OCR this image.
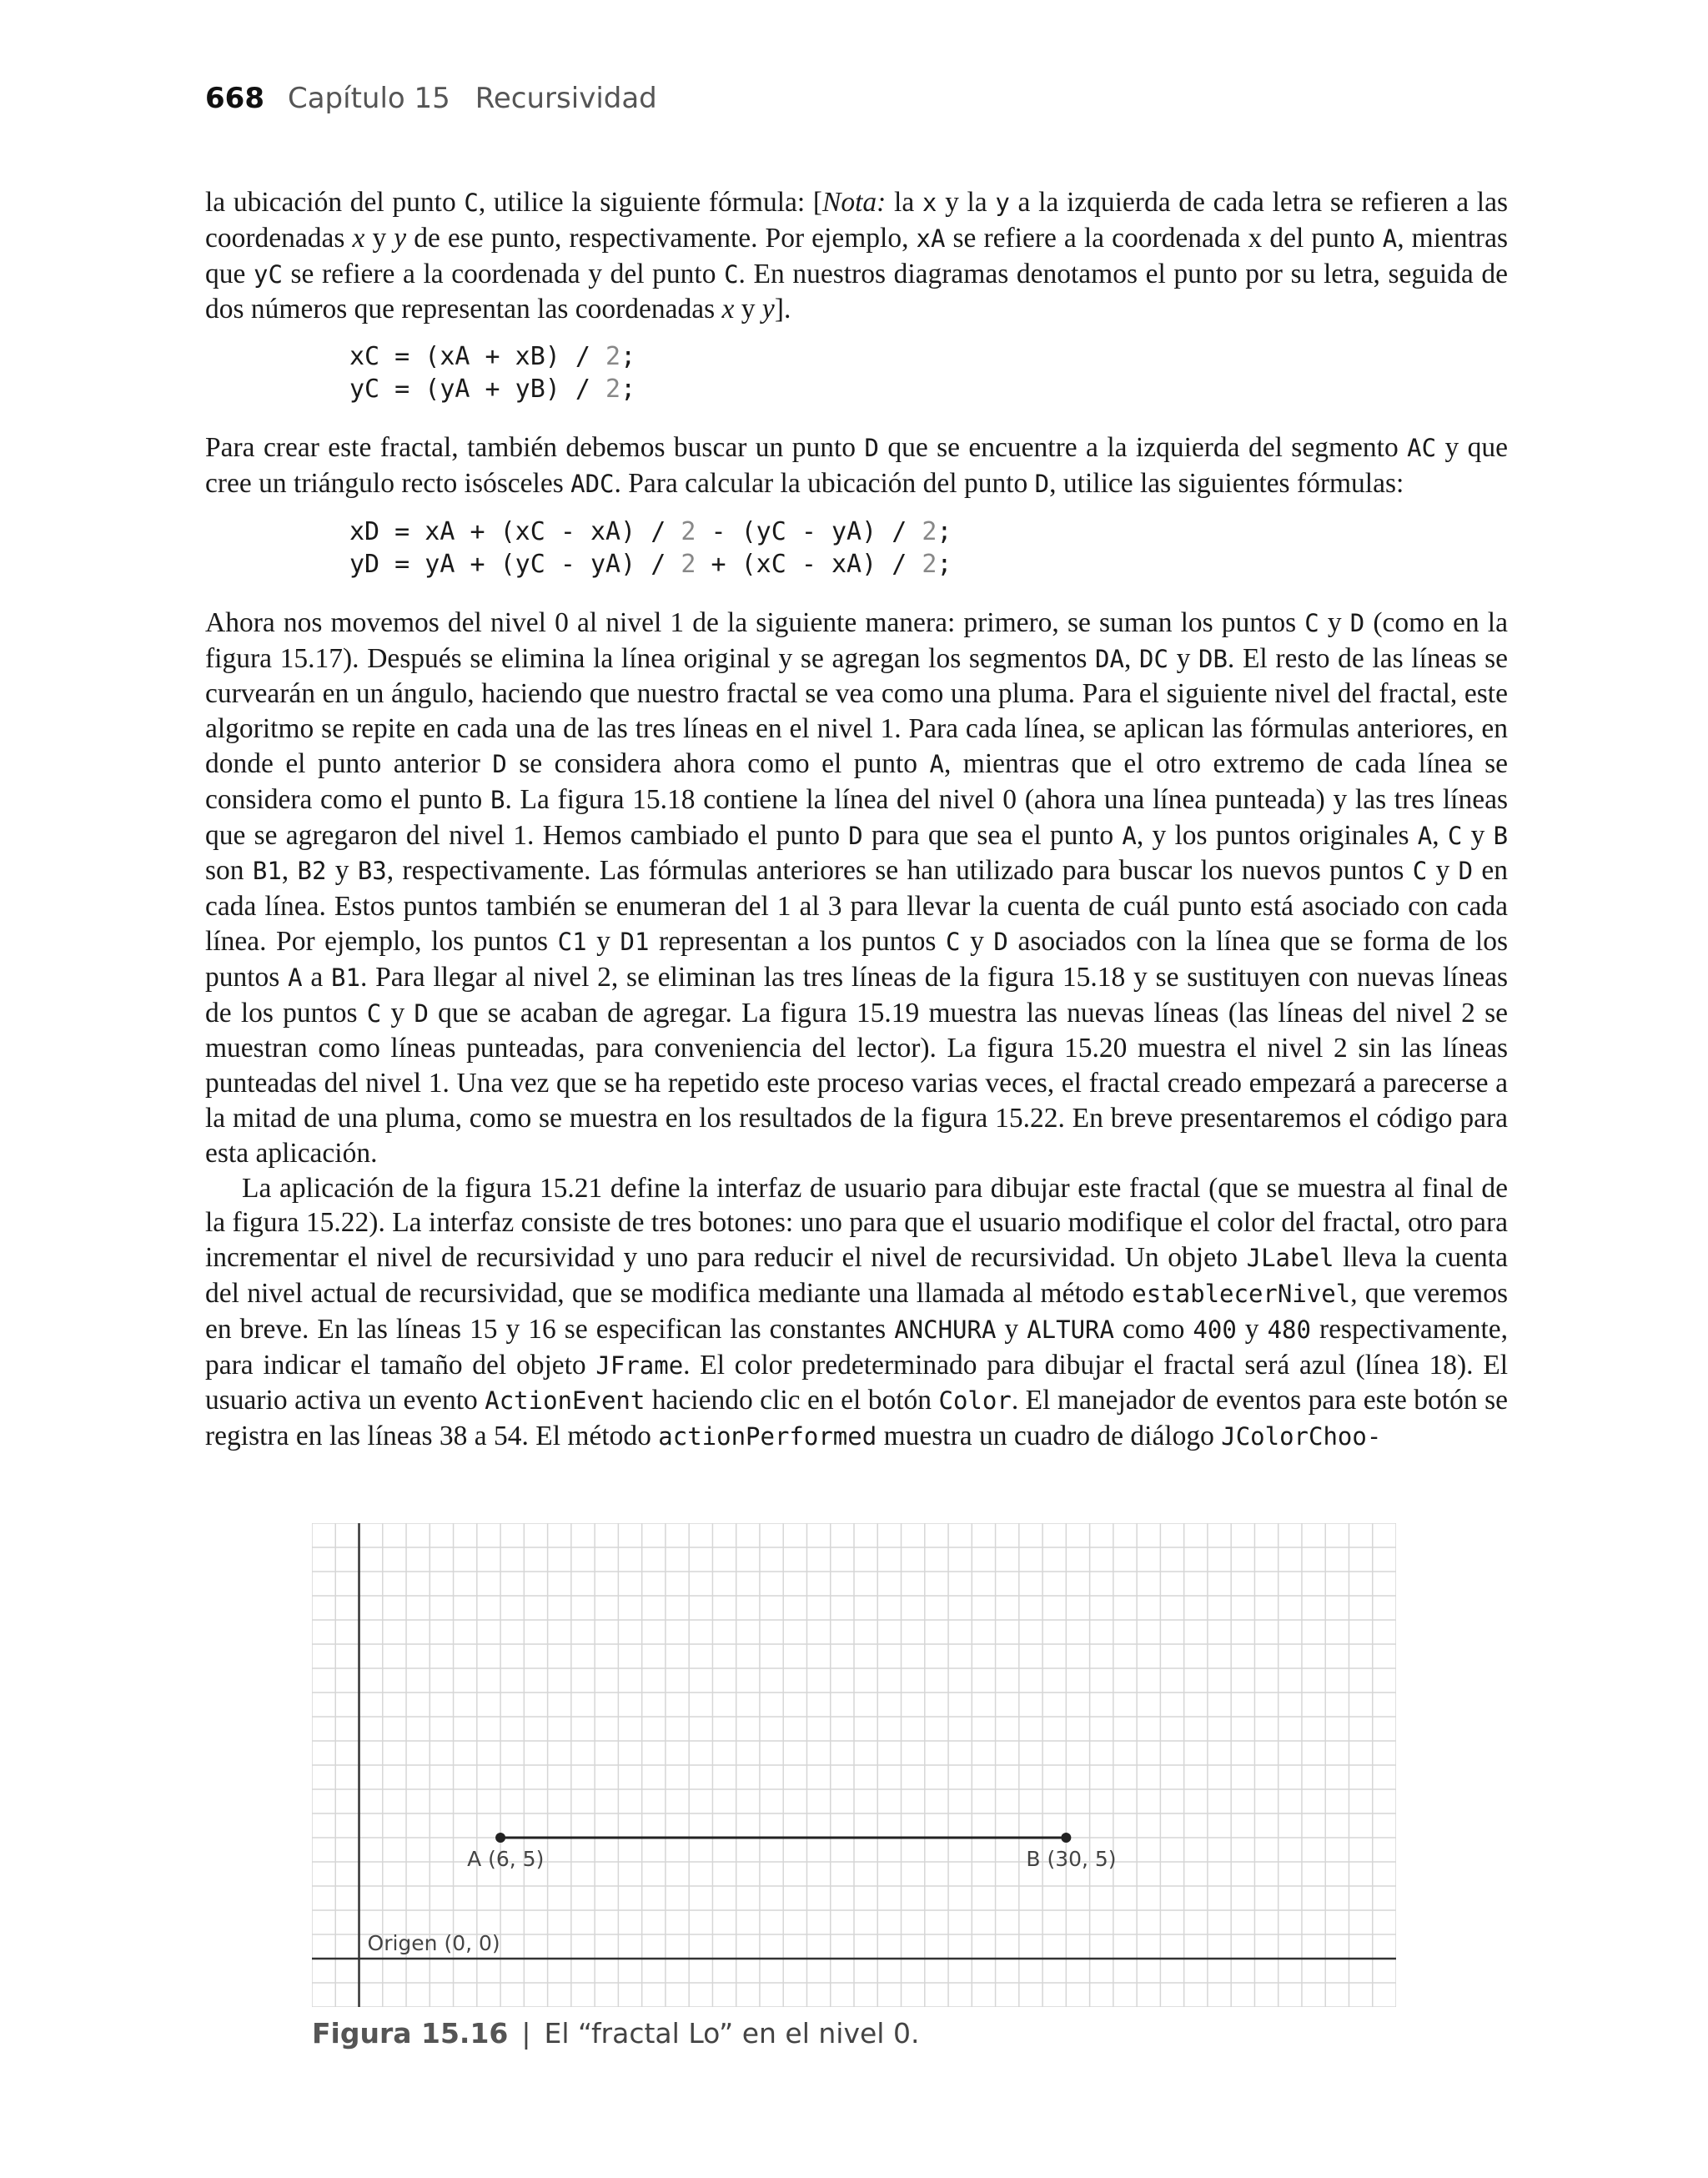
668 Capítulo 15 Recursividad

la ubicación del punto C, utilice la siguiente fórmula: [Nota: la x y la y a la izquierda de cada letra se refieren a las coordenadas x y y de ese punto, respectivamente. Por ejemplo, xA se refiere a la coordenada x del punto A, mientras que yC se refiere a la coordenada y del punto C. En nuestros diagramas denotamos el punto por su letra, seguida de dos números que representan las coordenadas x y y].

xC = (xA + xB) / 2;
yC = (yA + yB) / 2;

Para crear este fractal, también debemos buscar un punto D que se encuentre a la izquierda del segmento AC y que cree un triángulo recto isósceles ADC. Para calcular la ubicación del punto D, utilice las siguientes fórmulas:

xD = xA + (xC - xA) / 2 - (yC - yA) / 2;
yD = yA + (yC - yA) / 2 + (xC - xA) / 2;

Ahora nos movemos del nivel 0 al nivel 1 de la siguiente manera: primero, se suman los puntos C y D (como en la figura 15.17). Después se elimina la línea original y se agregan los segmentos DA, DC y DB. El resto de las líneas se curvearán en un ángulo, haciendo que nuestro fractal se vea como una pluma. Para el siguiente nivel del fractal, este algoritmo se repite en cada una de las tres líneas en el nivel 1. Para cada línea, se aplican las fórmulas anteriores, en donde el punto anterior D se considera ahora como el punto A, mientras que el otro extremo de cada línea se considera como el punto B. La figura 15.18 contiene la línea del nivel 0 (ahora una línea punteada) y las tres líneas que se agregaron del nivel 1. Hemos cambiado el punto D para que sea el punto A, y los puntos originales A, C y B son B1, B2 y B3, respectivamente. Las fórmulas anteriores se han utilizado para buscar los nuevos puntos C y D en cada línea. Estos puntos también se enumeran del 1 al 3 para llevar la cuenta de cuál punto está asociado con cada línea. Por ejemplo, los puntos C1 y D1 representan a los puntos C y D asociados con la línea que se forma de los puntos A a B1. Para llegar al nivel 2, se eliminan las tres líneas de la figura 15.18 y se sustituyen con nuevas líneas de los puntos C y D que se acaban de agregar. La figura 15.19 muestra las nuevas líneas (las líneas del nivel 2 se muestran como líneas punteadas, para conveniencia del lector). La figura 15.20 muestra el nivel 2 sin las líneas punteadas del nivel 1. Una vez que se ha repetido este proceso varias veces, el fractal creado empezará a parecerse a la mitad de una pluma, como se muestra en los resultados de la figura 15.22. En breve presentaremos el código para esta aplicación.

La aplicación de la figura 15.21 define la interfaz de usuario para dibujar este fractal (que se muestra al final de la figura 15.22). La interfaz consiste de tres botones: uno para que el usuario modifique el color del fractal, otro para incrementar el nivel de recursividad y uno para reducir el nivel de recursividad. Un objeto JLabel lleva la cuenta del nivel actual de recursividad, que se modifica mediante una llamada al método establecerNivel, que veremos en breve. En las líneas 15 y 16 se especifican las constantes ANCHURA y ALTURA como 400 y 480 respectivamente, para indicar el tamaño del objeto JFrame. El color predeterminado para dibujar el fractal será azul (línea 18). El usuario activa un evento ActionEvent haciendo clic en el botón Color. El manejador de eventos para este botón se registra en las líneas 38 a 54. El método actionPerformed muestra un cuadro de diálogo JColorChoo-

A (6, 5)	B (30, 5)
Origen (0, 0)
Figura 15.16 | El “fractal Lo” en el nivel 0.
